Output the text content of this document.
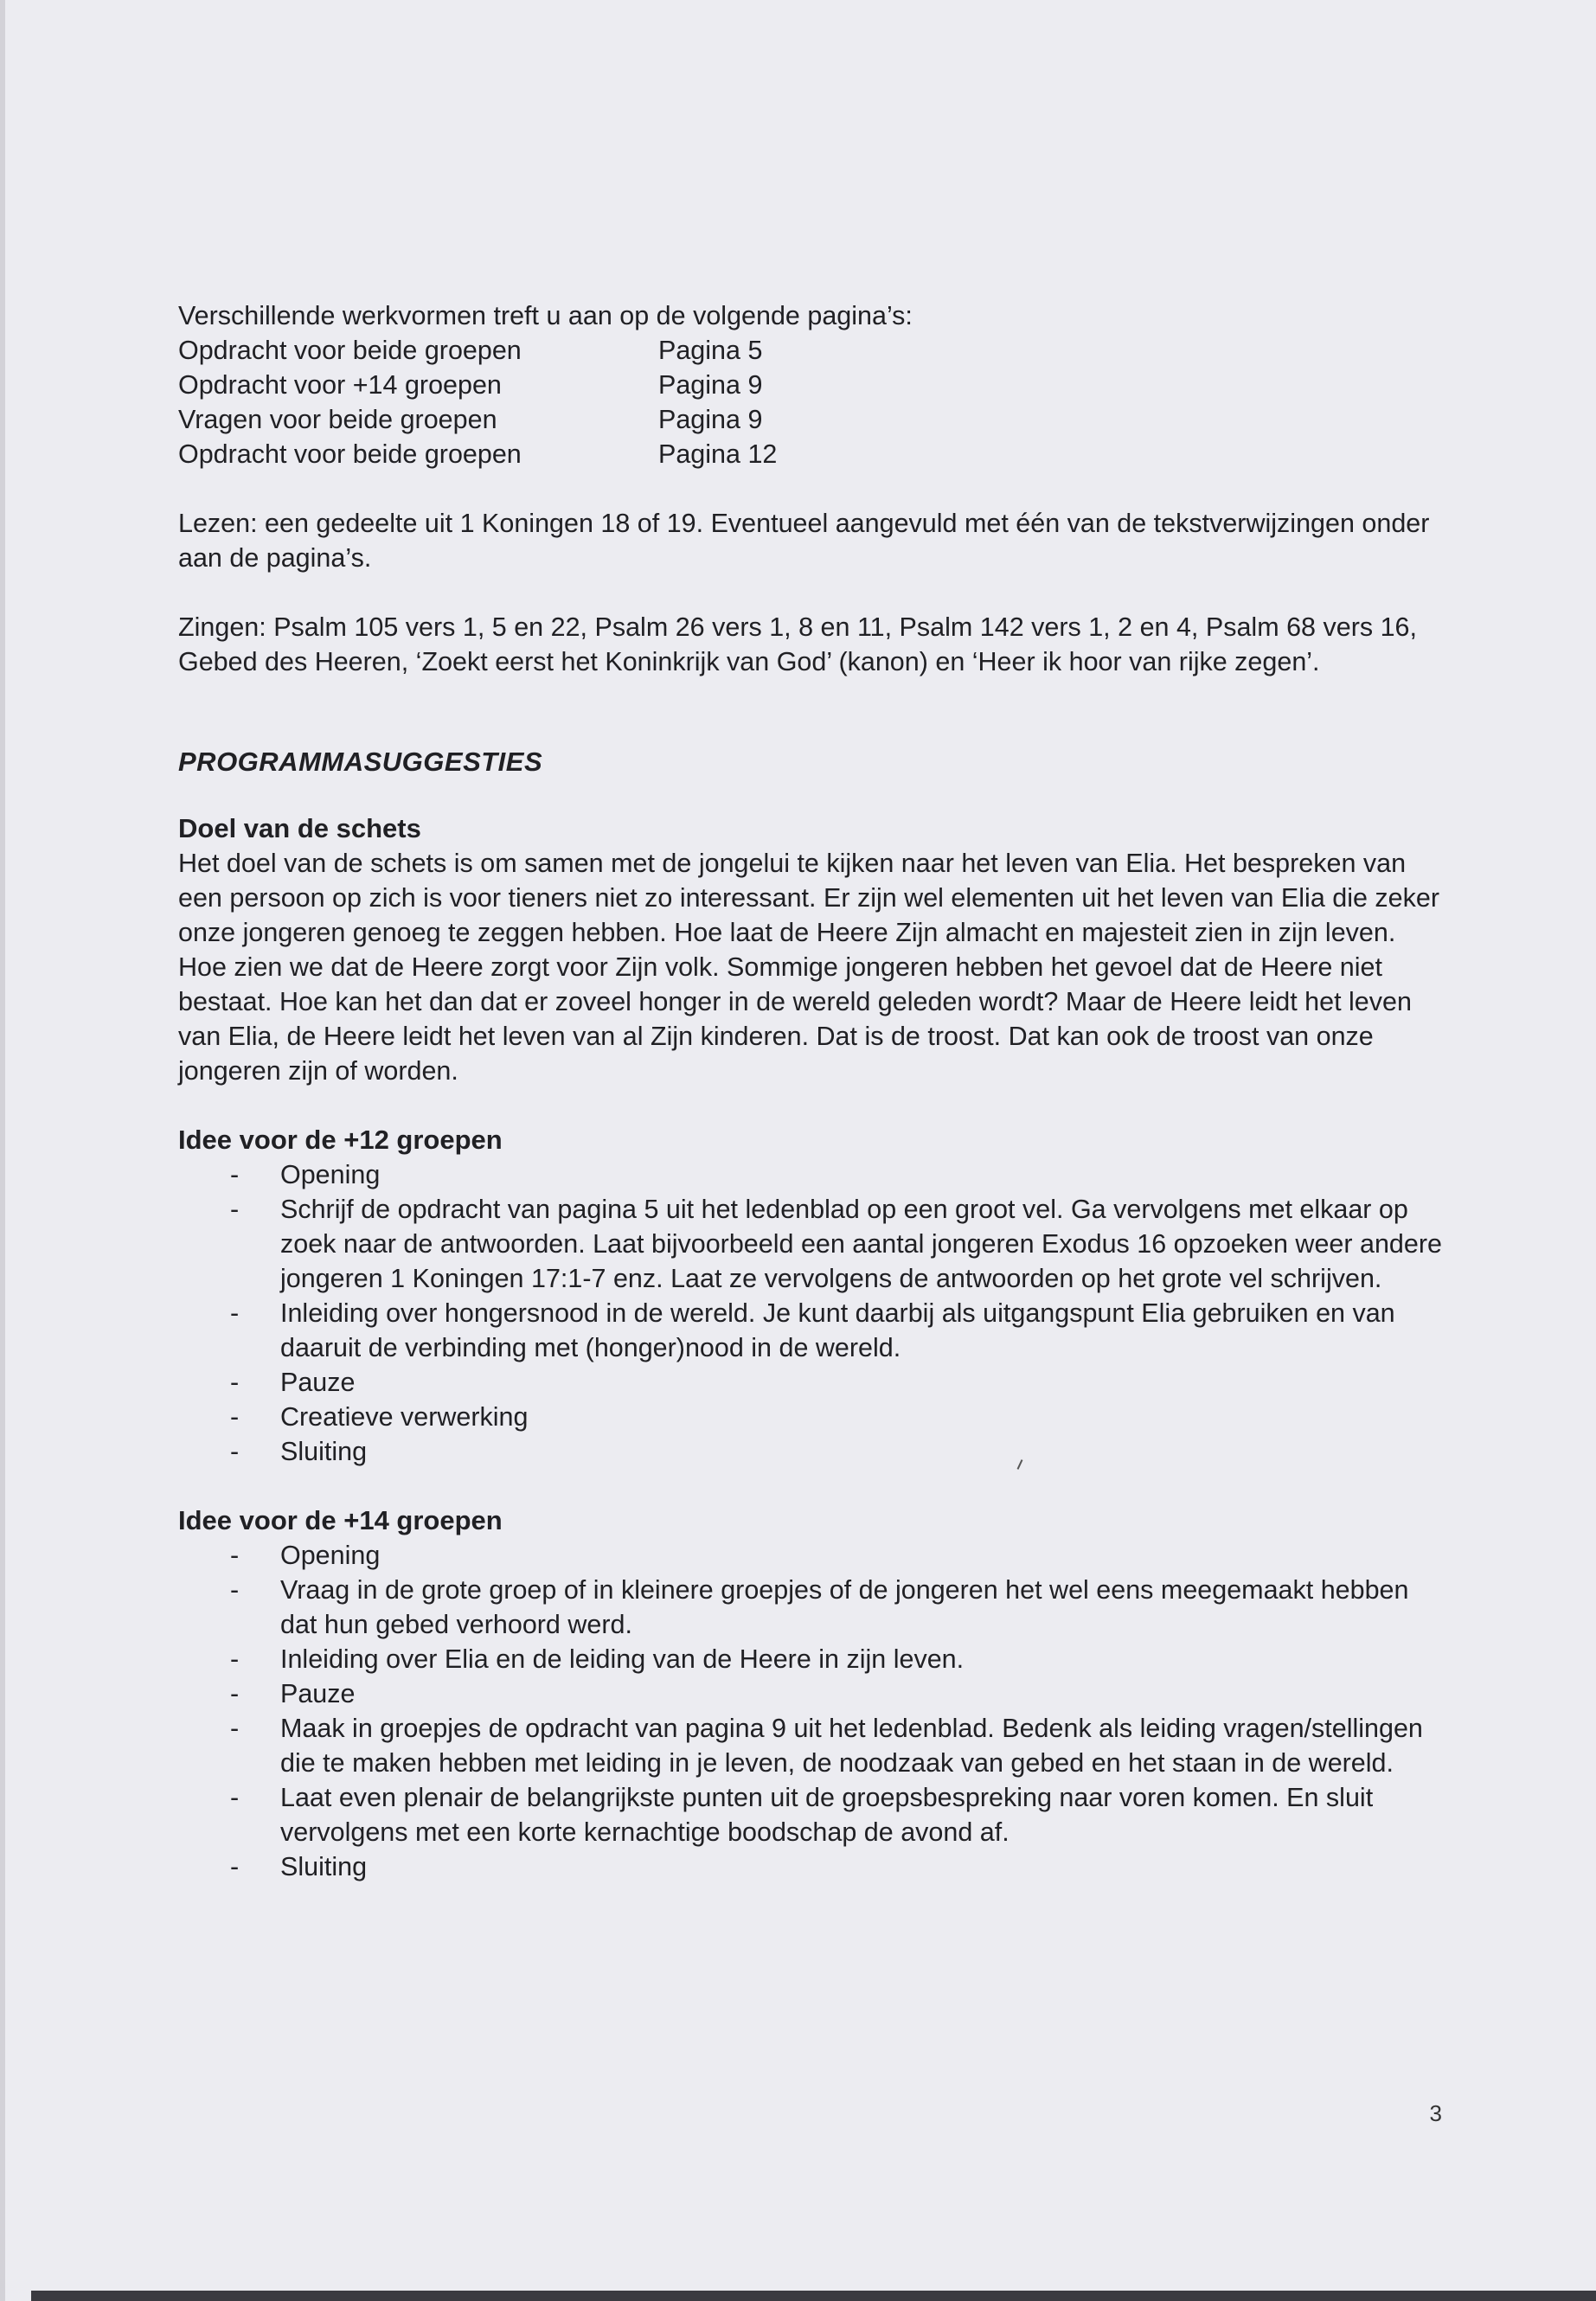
Verschillende werkvormen treft u aan op de volgende pagina’s:

Opdracht voor beide groepen	Pagina 5
Opdracht voor +14 groepen	Pagina 9
Vragen voor beide groepen	Pagina 9
Opdracht voor beide groepen	Pagina 12

Lezen: een gedeelte uit 1 Koningen 18 of 19. Eventueel aangevuld met één van de tekstverwijzingen onder aan de pagina’s.

Zingen: Psalm 105 vers 1, 5 en 22, Psalm 26 vers 1, 8 en 11, Psalm 142 vers 1, 2 en 4, Psalm 68 vers 16, Gebed des Heeren, ‘Zoekt eerst het Koninkrijk van God’ (kanon) en ‘Heer ik hoor van rijke zegen’.

PROGRAMMASUGGESTIES

Doel van de schets

Het doel van de schets is om samen met de jongelui te kijken naar het leven van Elia. Het bespreken van een persoon op zich is voor tieners niet zo interessant. Er zijn wel elementen uit het leven van Elia die zeker onze jongeren genoeg te zeggen hebben. Hoe laat de Heere Zijn almacht en majesteit zien in zijn leven. Hoe zien we dat de Heere zorgt voor Zijn volk. Sommige jongeren hebben het gevoel dat de Heere niet bestaat. Hoe kan het dan dat er zoveel honger in de wereld geleden wordt? Maar de Heere leidt het leven van Elia, de Heere leidt het leven van al Zijn kinderen. Dat is de troost. Dat kan ook de troost van onze jongeren zijn of worden.

Idee voor de +12 groepen

- Opening
- Schrijf de opdracht van pagina 5 uit het ledenblad op een groot vel. Ga vervolgens met elkaar op zoek naar de antwoorden. Laat bijvoorbeeld een aantal jongeren Exodus 16 opzoeken weer andere jongeren 1 Koningen 17:1-7 enz. Laat ze vervolgens de antwoorden op het grote vel schrijven.
- Inleiding over hongersnood in de wereld. Je kunt daarbij als uitgangspunt Elia gebruiken en van daaruit de verbinding met (honger)nood in de wereld.
- Pauze
- Creatieve verwerking
- Sluiting

Idee voor de +14 groepen

- Opening
- Vraag in de grote groep of in kleinere groepjes of de jongeren het wel eens meegemaakt hebben dat hun gebed verhoord werd.
- Inleiding over Elia en de leiding van de Heere in zijn leven.
- Pauze
- Maak in groepjes de opdracht van pagina 9 uit het ledenblad. Bedenk als leiding vragen/stellingen die te maken hebben met leiding in je leven, de noodzaak van gebed en het staan in de wereld.
- Laat even plenair de belangrijkste punten uit de groepsbespreking naar voren komen. En sluit vervolgens met een korte kernachtige boodschap de avond af.
- Sluiting
3
